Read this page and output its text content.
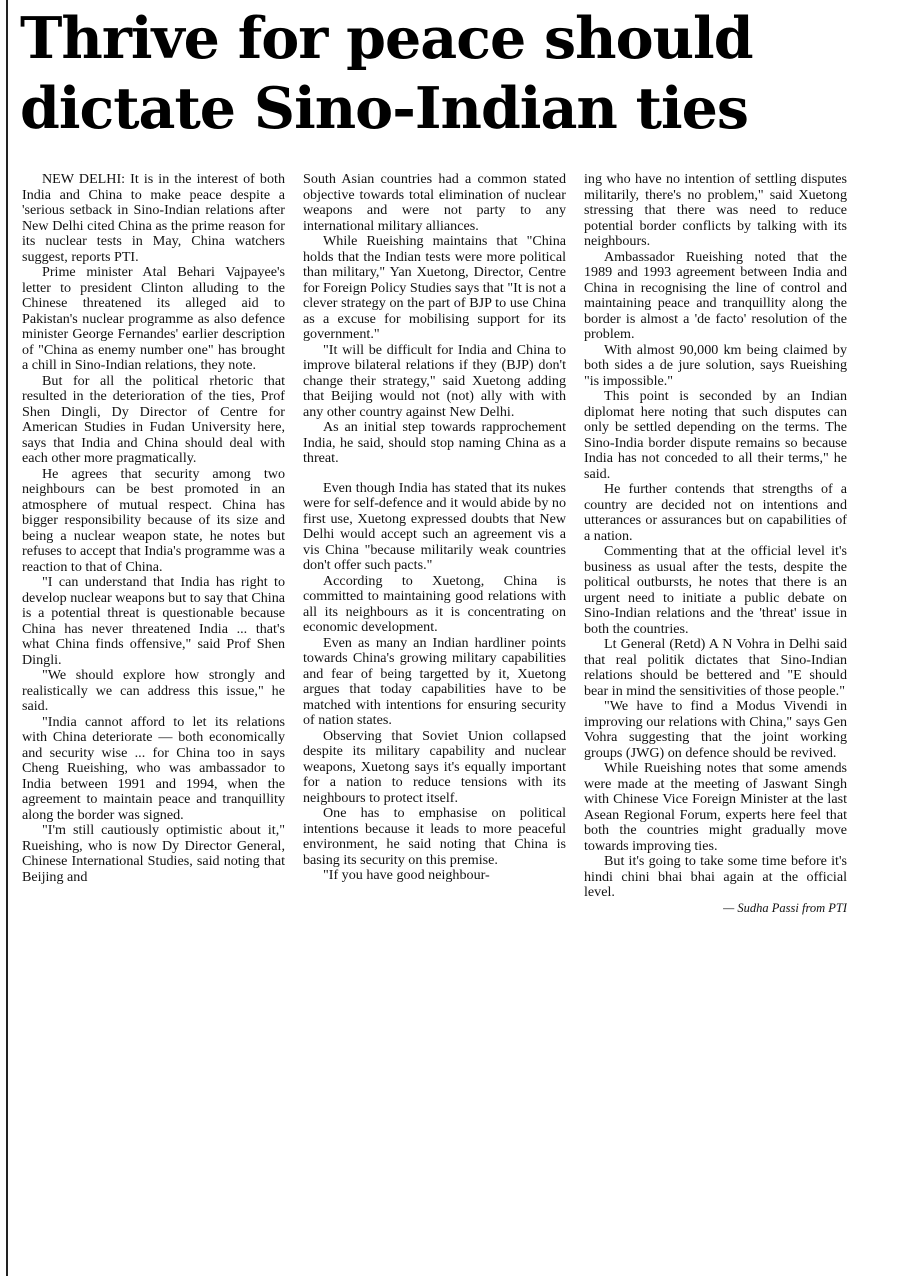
Thrive for peace should
dictate Sino-Indian ties

NEW DELHI: It is in the interest of both India and China to make peace despite a 'serious setback in Sino-Indian relations after New Delhi cited China as the prime reason for its nuclear tests in May, China watchers suggest, reports PTI.

Prime minister Atal Behari Vajpayee's letter to president Clinton alluding to the Chinese threatened its alleged aid to Pakistan's nuclear programme as also defence minister George Fernandes' earlier description of "China as enemy number one" has brought a chill in Sino-Indian relations, they note.

But for all the political rhetoric that resulted in the deterioration of the ties, Prof Shen Dingli, Dy Director of Centre for American Studies in Fudan University here, says that India and China should deal with each other more pragmatically.

He agrees that security among two neighbours can be best promoted in an atmosphere of mutual respect. China has bigger responsibility because of its size and being a nuclear weapon state, he notes but refuses to accept that India's programme was a reaction to that of China.

"I can understand that India has right to develop nuclear weapons but to say that China is a potential threat is questionable because China has never threatened India ... that's what China finds offensive," said Prof Shen Dingli.

"We should explore how strongly and realistically we can address this issue," he said.

"India cannot afford to let its relations with China deteriorate — both economically and security wise ... for China too in says Cheng Rueishing, who was ambassador to India between 1991 and 1994, when the agreement to maintain peace and tranquillity along the border was signed.

"I'm still cautiously optimistic about it," Rueishing, who is now Dy Director General, Chinese International Studies, said noting that Beijing and

South Asian countries had a common stated objective towards total elimination of nuclear weapons and were not party to any international military alliances.

While Rueishing maintains that "China holds that the Indian tests were more political than military," Yan Xuetong, Director, Centre for Foreign Policy Studies says that "It is not a clever strategy on the part of BJP to use China as a excuse for mobilising support for its government."

"It will be difficult for India and China to improve bilateral relations if they (BJP) don't change their strategy," said Xuetong adding that Beijing would not (not) ally with with any other country against New Delhi.

As an initial step towards rapprochement India, he said, should stop naming China as a threat.

Even though India has stated that its nukes were for self-defence and it would abide by no first use, Xuetong expressed doubts that New Delhi would accept such an agreement vis a vis China "because militarily weak countries don't offer such pacts."

According to Xuetong, China is committed to maintaining good relations with all its neighbours as it is concentrating on economic development.

Even as many an Indian hardliner points towards China's growing military capabilities and fear of being targetted by it, Xuetong argues that today capabilities have to be matched with intentions for ensuring security of nation states.

Observing that Soviet Union collapsed despite its military capability and nuclear weapons, Xuetong says it's equally important for a nation to reduce tensions with its neighbours to protect itself.

One has to emphasise on political intentions because it leads to more peaceful environment, he said noting that China is basing its security on this premise.

"If you have good neighbour-

ing who have no intention of settling disputes militarily, there's no problem," said Xuetong stressing that there was need to reduce potential border conflicts by talking with its neighbours.

Ambassador Rueishing noted that the 1989 and 1993 agreement between India and China in recognising the line of control and maintaining peace and tranquillity along the border is almost a 'de facto' resolution of the problem.

With almost 90,000 km being claimed by both sides a de jure solution, says Rueishing "is impossible."

This point is seconded by an Indian diplomat here noting that such disputes can only be settled depending on the terms. The Sino-India border dispute remains so because India has not conceded to all their terms," he said.

He further contends that strengths of a country are decided not on intentions and utterances or assurances but on capabilities of a nation.

Commenting that at the official level it's business as usual after the tests, despite the political outbursts, he notes that there is an urgent need to initiate a public debate on Sino-Indian relations and the 'threat' issue in both the countries.

Lt General (Retd) A N Vohra in Delhi said that real politik dictates that Sino-Indian relations should be bettered and "E should bear in mind the sensitivities of those people."

"We have to find a Modus Vivendi in improving our relations with China," says Gen Vohra suggesting that the joint working groups (JWG) on defence should be revived.

While Rueishing notes that some amends were made at the meeting of Jaswant Singh with Chinese Vice Foreign Minister at the last Asean Regional Forum, experts here feel that both the countries might gradually move towards improving ties.

But it's going to take some time before it's hindi chini bhai bhai again at the official level.

— Sudha Passi from PTI
